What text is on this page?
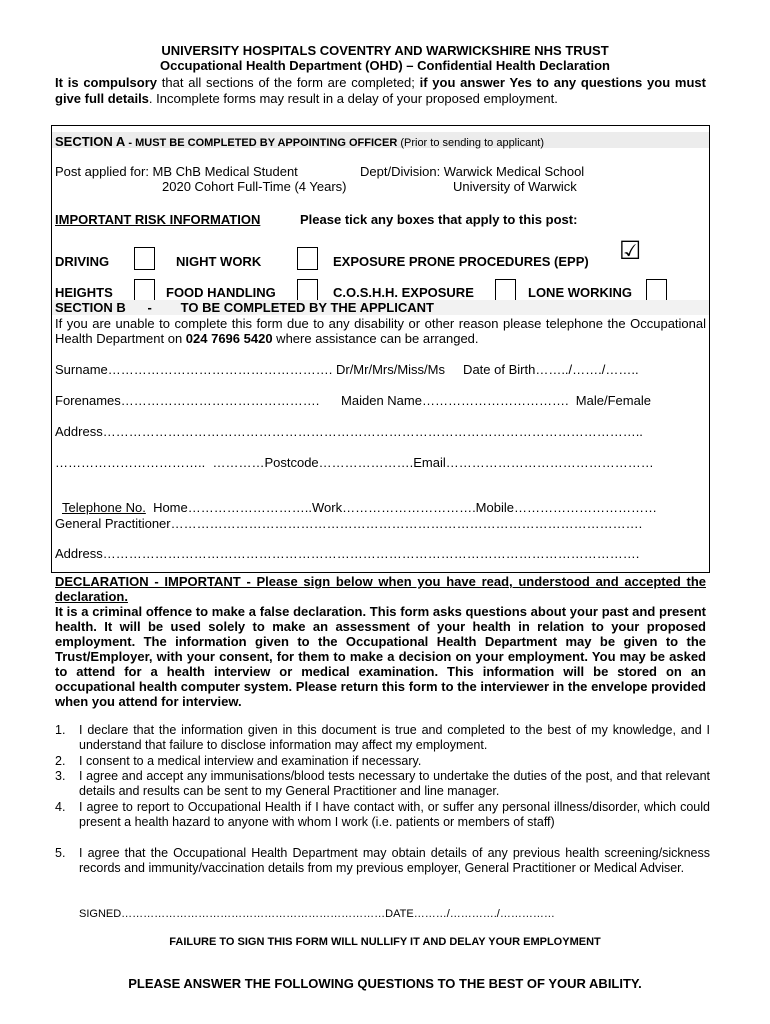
UNIVERSITY HOSPITALS COVENTRY AND WARWICKSHIRE NHS TRUST
Occupational Health Department (OHD) – Confidential Health Declaration
It is compulsory that all sections of the form are completed; if you answer Yes to any questions you must give full details. Incomplete forms may result in a delay of your proposed employment.
SECTION A - MUST BE COMPLETED BY APPOINTING OFFICER (Prior to sending to applicant)
Post applied for: MB ChB Medical Student
2020 Cohort Full-Time (4 Years)
Dept/Division: Warwick Medical School
University of Warwick
IMPORTANT RISK INFORMATION	Please tick any boxes that apply to this post:
DRIVING	NIGHT WORK	EXPOSURE PRONE PROCEDURES (EPP) ☑
HEIGHTS	FOOD HANDLING	C.O.S.H.H. EXPOSURE	LONE WORKING
SECTION B      -        TO BE COMPLETED BY THE APPLICANT
If you are unable to complete this form due to any disability or other reason please telephone the Occupational Health Department on 024 7696 5420 where assistance can be arranged.
Surname……………………………………………. Dr/Mr/Mrs/Miss/Ms     Date of Birth……../……./……..
Forenames……………………………………….      Maiden Name…………………………….  Male/Female
Address……………………………………………………………………………………………………………..
……………………………..  …………Postcode………………….Email…………………………………………

Telephone No.  Home………………………..Work………………………….Mobile……………………………

General Practitioner……………………………………………………………………………………………….
Address…………………………………………………………………………………………………………….
DECLARATION - IMPORTANT - Please sign below when you have read, understood and accepted the declaration.
It is a criminal offence to make a false declaration. This form asks questions about your past and present health. It will be used solely to make an assessment of your health in relation to your proposed employment. The information given to the Occupational Health Department may be given to the Trust/Employer, with your consent, for them to make a decision on your employment. You may be asked to attend for a health interview or medical examination. This information will be stored on an occupational health computer system. Please return this form to the interviewer in the envelope provided when you attend for interview.
1. I declare that the information given in this document is true and completed to the best of my knowledge, and I understand that failure to disclose information may affect my employment.
2. I consent to a medical interview and examination if necessary.
3. I agree and accept any immunisations/blood tests necessary to undertake the duties of the post, and that relevant details and results can be sent to my General Practitioner and line manager.
4. I agree to report to Occupational Health if I have contact with, or suffer any personal illness/disorder, which could present a health hazard to anyone with whom I work (i.e. patients or members of staff)
5. I agree that the Occupational Health Department may obtain details of any previous health screening/sickness records and immunity/vaccination details from my previous employer, General Practitioner or Medical Adviser.
SIGNED………………………………………………………………DATE………/…………./……………
FAILURE TO SIGN THIS FORM WILL NULLIFY IT AND DELAY YOUR EMPLOYMENT
PLEASE ANSWER THE FOLLOWING QUESTIONS TO THE BEST OF YOUR ABILITY.
